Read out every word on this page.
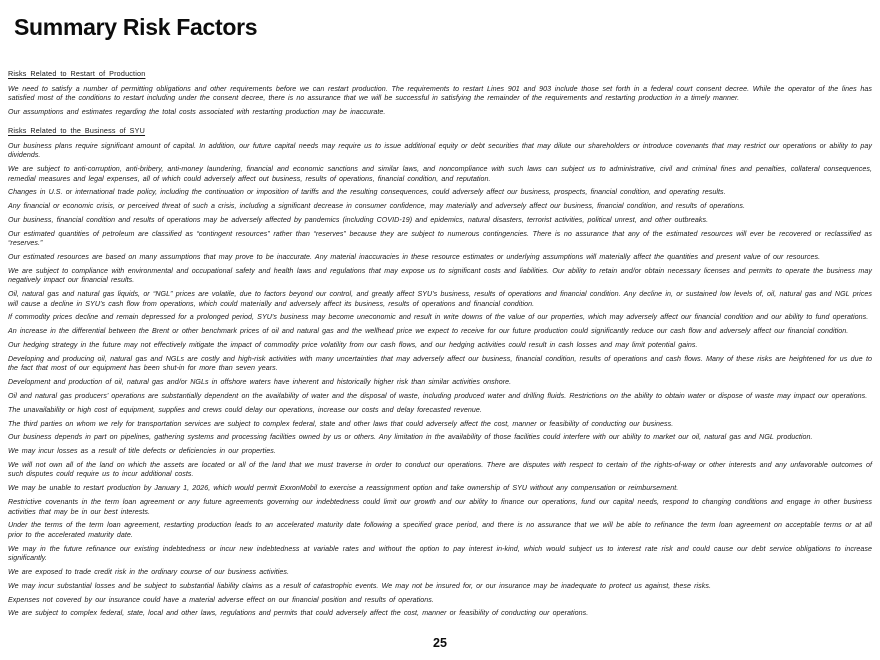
Summary Risk Factors
Risks Related to Restart of Production

We need to satisfy a number of permitting obligations and other requirements before we can restart production. The requirements to restart Lines 901 and 903 include those set forth in a federal court consent decree. While the operator of the lines has satisfied most of the conditions to restart including under the consent decree, there is no assurance that we will be successful in satisfying the remainder of the requirements and restarting production in a timely manner.

Our assumptions and estimates regarding the total costs associated with restarting production may be inaccurate.

Risks Related to the Business of SYU

Our business plans require significant amount of capital. In addition, our future capital needs may require us to issue additional equity or debt securities that may dilute our shareholders or introduce covenants that may restrict our operations or ability to pay dividends.

We are subject to anti-corruption, anti-bribery, anti-money laundering, financial and economic sanctions and similar laws, and noncompliance with such laws can subject us to administrative, civil and criminal fines and penalties, collateral consequences, remedial measures and legal expenses, all of which could adversely affect out business, results of operations, financial condition, and reputation.

Changes in U.S. or international trade policy, including the continuation or imposition of tariffs and the resulting consequences, could adversely affect our business, prospects, financial condition, and operating results.

Any financial or economic crisis, or perceived threat of such a crisis, including a significant decrease in consumer confidence, may materially and adversely affect our business, financial condition, and results of operations.

Our business, financial condition and results of operations may be adversely affected by pandemics (including COVID-19) and epidemics, natural disasters, terrorist activities, political unrest, and other outbreaks.

Our estimated quantities of petroleum are classified as “contingent resources” rather than “reserves” because they are subject to numerous contingencies. There is no assurance that any of the estimated resources will ever be recovered or reclassified as “reserves.”

Our estimated resources are based on many assumptions that may prove to be inaccurate. Any material inaccuracies in these resource estimates or underlying assumptions will materially affect the quantities and present value of our resources.

We are subject to compliance with environmental and occupational safety and health laws and regulations that may expose us to significant costs and liabilities. Our ability to retain and/or obtain necessary licenses and permits to operate the business may negatively impact our financial results.

Oil, natural gas and natural gas liquids, or “NGL” prices are volatile, due to factors beyond our control, and greatly affect SYU’s business, results of operations and financial condition. Any decline in, or sustained low levels of, oil, natural gas and NGL prices will cause a decline in SYU’s cash flow from operations, which could materially and adversely affect its business, results of operations and financial condition.

If commodity prices decline and remain depressed for a prolonged period, SYU’s business may become uneconomic and result in write downs of the value of our properties, which may adversely affect our financial condition and our ability to fund operations.

An increase in the differential between the Brent or other benchmark prices of oil and natural gas and the wellhead price we expect to receive for our future production could significantly reduce our cash flow and adversely affect our financial condition.

Our hedging strategy in the future may not effectively mitigate the impact of commodity price volatility from our cash flows, and our hedging activities could result in cash losses and may limit potential gains.

Developing and producing oil, natural gas and NGLs are costly and high-risk activities with many uncertainties that may adversely affect our business, financial condition, results of operations and cash flows. Many of these risks are heightened for us due to the fact that most of our equipment has been shut-in for more than seven years.

Development and production of oil, natural gas and/or NGLs in offshore waters have inherent and historically higher risk than similar activities onshore.

Oil and natural gas producers’ operations are substantially dependent on the availability of water and the disposal of waste, including produced water and drilling fluids. Restrictions on the ability to obtain water or dispose of waste may impact our operations.

The unavailability or high cost of equipment, supplies and crews could delay our operations, increase our costs and delay forecasted revenue.

The third parties on whom we rely for transportation services are subject to complex federal, state and other laws that could adversely affect the cost, manner or feasibility of conducting our business.

Our business depends in part on pipelines, gathering systems and processing facilities owned by us or others. Any limitation in the availability of those facilities could interfere with our ability to market our oil, natural gas and NGL production.

We may incur losses as a result of title defects or deficiencies in our properties.

We will not own all of the land on which the assets are located or all of the land that we must traverse in order to conduct our operations. There are disputes with respect to certain of the rights-of-way or other interests and any unfavorable outcomes of such disputes could require us to incur additional costs.

We may be unable to restart production by January 1, 2026, which would permit ExxonMobil to exercise a reassignment option and take ownership of SYU without any compensation or reimbursement.

Restrictive covenants in the term loan agreement or any future agreements governing our indebtedness could limit our growth and our ability to finance our operations, fund our capital needs, respond to changing conditions and engage in other business activities that may be in our best interests.

Under the terms of the term loan agreement, restarting production leads to an accelerated maturity date following a specified grace period, and there is no assurance that we will be able to refinance the term loan agreement on acceptable terms or at all prior to the accelerated maturity date.

We may in the future refinance our existing indebtedness or incur new indebtedness at variable rates and without the option to pay interest in-kind, which would subject us to interest rate risk and could cause our debt service obligations to increase significantly.

We are exposed to trade credit risk in the ordinary course of our business activities.

We may incur substantial losses and be subject to substantial liability claims as a result of catastrophic events. We may not be insured for, or our insurance may be inadequate to protect us against, these risks.

Expenses not covered by our insurance could have a material adverse effect on our financial position and results of operations.

We are subject to complex federal, state, local and other laws, regulations and permits that could adversely affect the cost, manner or feasibility of conducting our operations.

25
